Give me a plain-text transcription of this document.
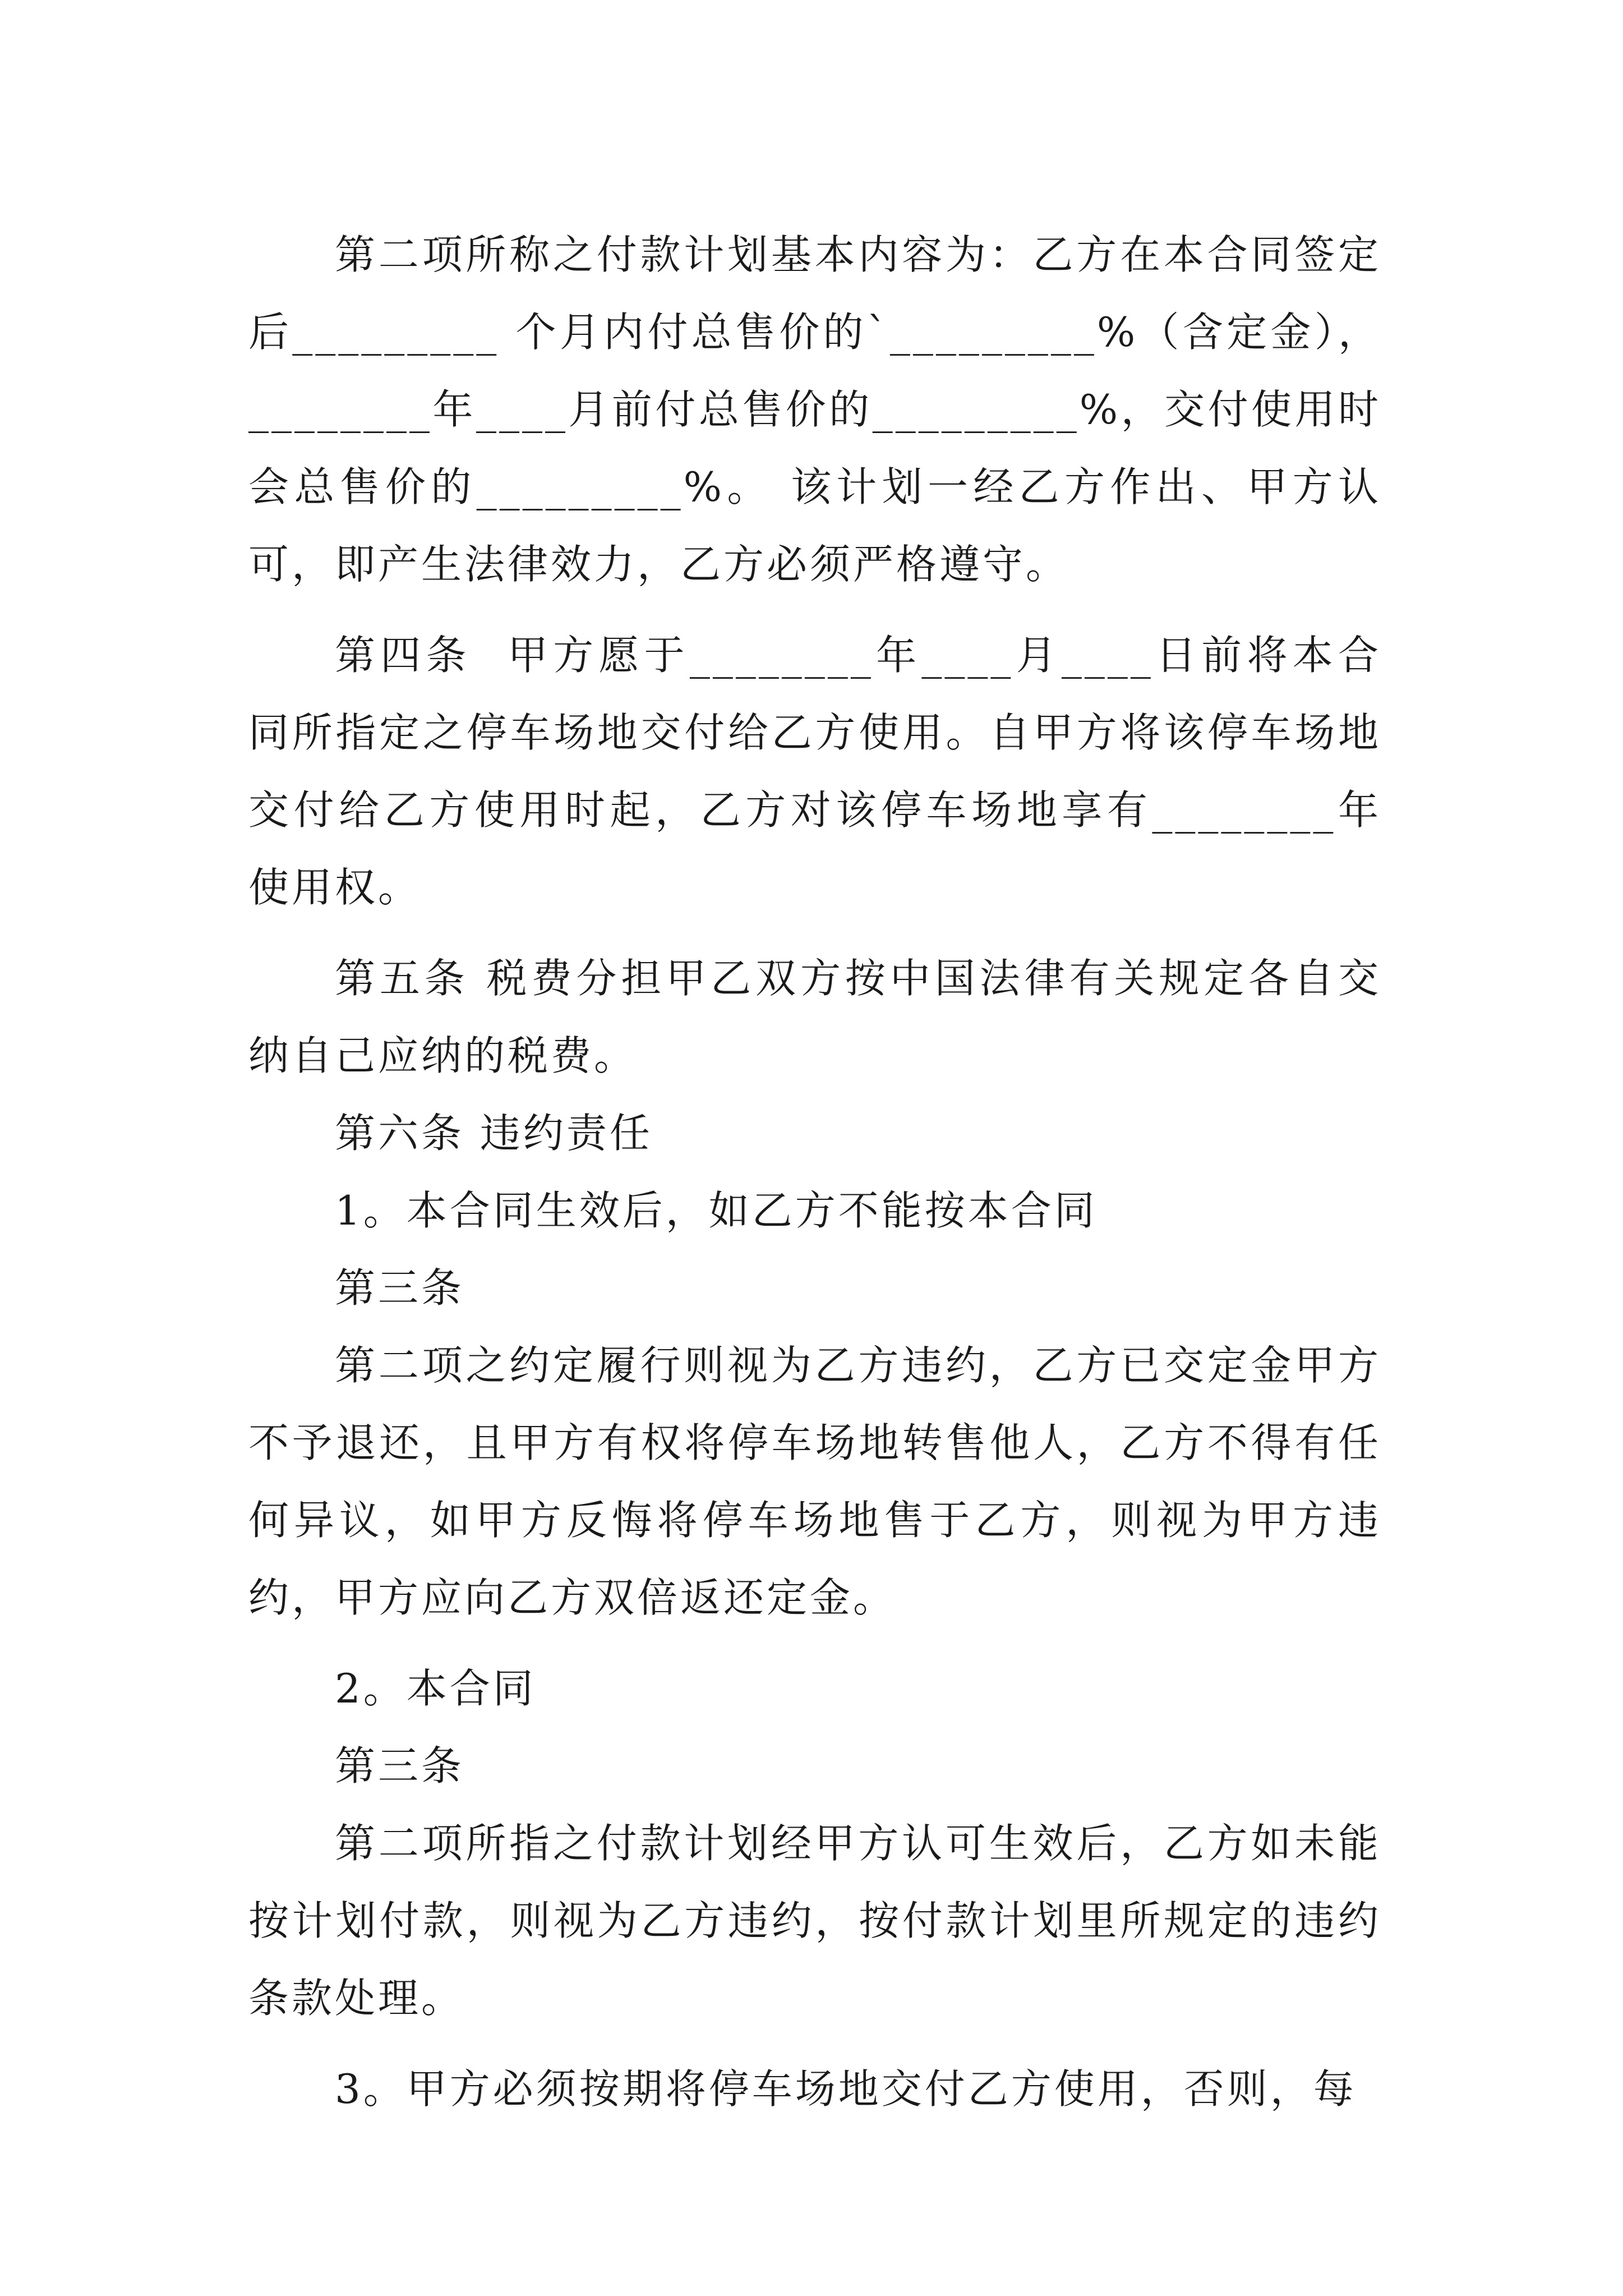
第二项所称之付款计划基本内容为：乙方在本合同签定后_________ 个月内付总售价的`_________%（含定金），________年____月前付总售价的_________%，交付使用时会总售价的_________%。 该计划一经乙方作出、甲方认可，即产生法律效力，乙方必须严格遵守。

第四条  甲方愿于________年____月____日前将本合同所指定之停车场地交付给乙方使用。自甲方将该停车场地交付给乙方使用时起，乙方对该停车场地享有________年使用权。

第五条 税费分担甲乙双方按中国法律有关规定各自交纳自己应纳的税费。

第六条 违约责任

1。本合同生效后，如乙方不能按本合同

第三条

第二项之约定履行则视为乙方违约，乙方已交定金甲方不予退还，且甲方有权将停车场地转售他人，乙方不得有任何异议，如甲方反悔将停车场地售于乙方，则视为甲方违约，甲方应向乙方双倍返还定金。

2。本合同

第三条

第二项所指之付款计划经甲方认可生效后，乙方如未能按计划付款，则视为乙方违约，按付款计划里所规定的违约条款处理。

3。甲方必须按期将停车场地交付乙方使用，否则，每
